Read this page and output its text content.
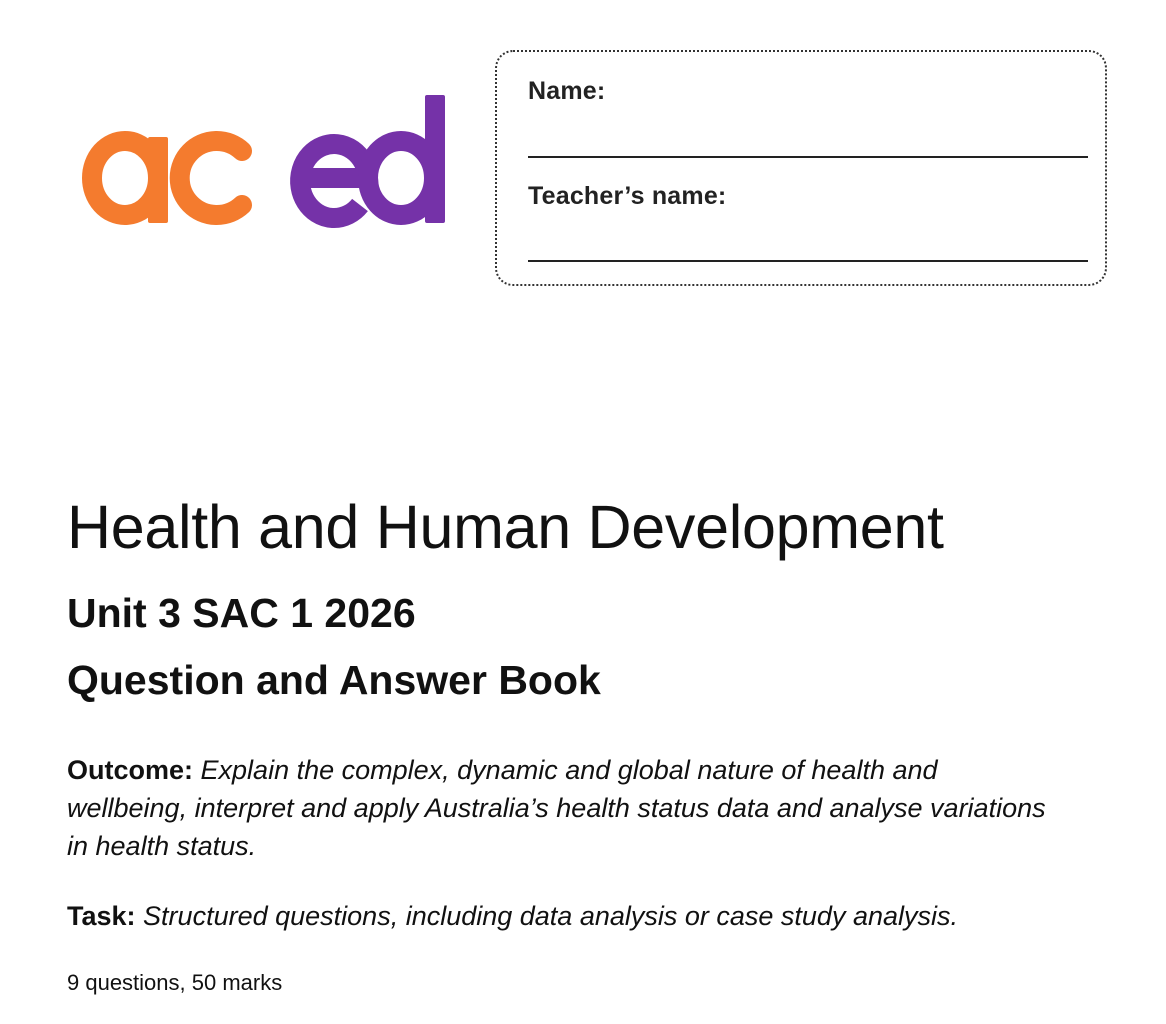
Name:
Teacher’s name:
Health and Human Development
Unit 3 SAC 1 2026
Question and Answer Book

Outcome: Explain the complex, dynamic and global nature of health and wellbeing, interpret and apply Australia’s health status data and analyse variations in health status.

Task: Structured questions, including data analysis or case study analysis.

9 questions, 50 marks
